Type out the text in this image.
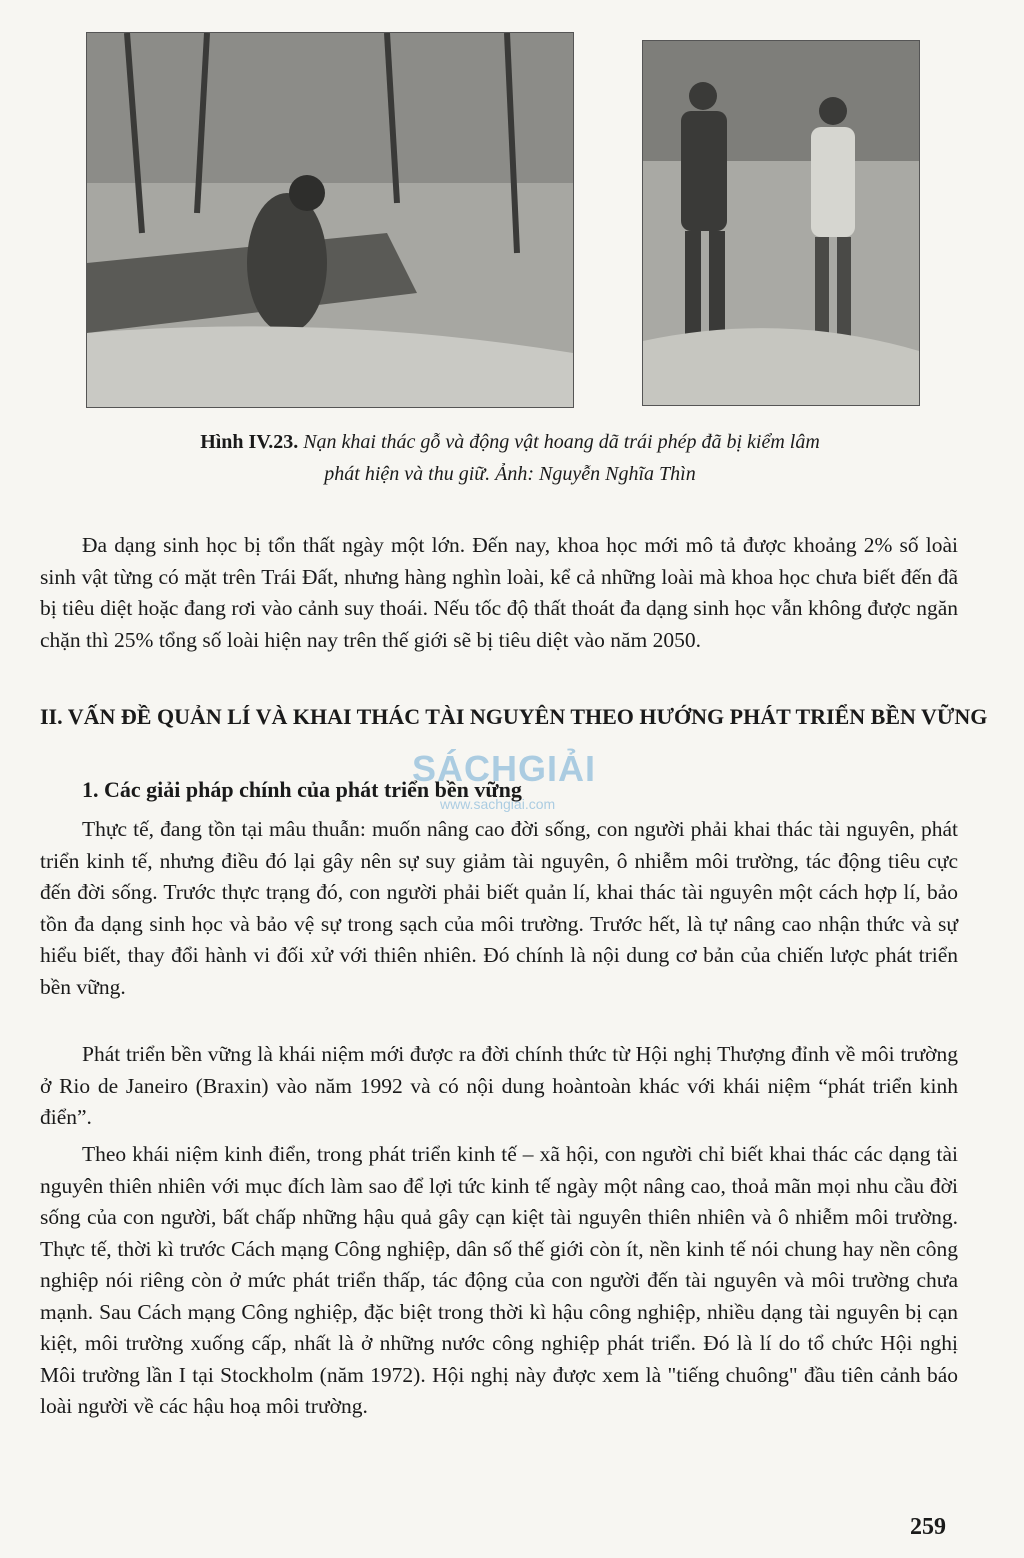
Hình IV.23. Nạn khai thác gỗ và động vật hoang dã trái phép đã bị kiểm lâm
phát hiện và thu giữ. Ảnh: Nguyễn Nghĩa Thìn

Đa dạng sinh học bị tổn thất ngày một lớn. Đến nay, khoa học mới mô tả được khoảng 2% số loài sinh vật từng có mặt trên Trái Đất, nhưng hàng nghìn loài, kể cả những loài mà khoa học chưa biết đến đã bị tiêu diệt hoặc đang rơi vào cảnh suy thoái. Nếu tốc độ thất thoát đa dạng sinh học vẫn không được ngăn chặn thì 25% tổng số loài hiện nay trên thế giới sẽ bị tiêu diệt vào năm 2050.

II. VẤN ĐỀ QUẢN LÍ VÀ KHAI THÁC TÀI NGUYÊN THEO HƯỚNG PHÁT TRIỂN BỀN VỮNG
SÁCHGIẢI
www.sachgiai.com
1. Các giải pháp chính của phát triển bền vững

Thực tế, đang tồn tại mâu thuẫn: muốn nâng cao đời sống, con người phải khai thác tài nguyên, phát triển kinh tế, nhưng điều đó lại gây nên sự suy giảm tài nguyên, ô nhiễm môi trường, tác động tiêu cực đến đời sống. Trước thực trạng đó, con người phải biết quản lí, khai thác tài nguyên một cách hợp lí, bảo tồn đa dạng sinh học và bảo vệ sự trong sạch của môi trường. Trước hết, là tự nâng cao nhận thức và sự hiểu biết, thay đổi hành vi đối xử với thiên nhiên. Đó chính là nội dung cơ bản của chiến lược phát triển bền vững.

Phát triển bền vững là khái niệm mới được ra đời chính thức từ Hội nghị Thượng đỉnh về môi trường ở Rio de Janeiro (Braxin) vào năm 1992 và có nội dung hoàntoàn khác với khái niệm “phát triển kinh điển”.

Theo khái niệm kinh điển, trong phát triển kinh tế – xã hội, con người chỉ biết khai thác các dạng tài nguyên thiên nhiên với mục đích làm sao để lợi tức kinh tế ngày một nâng cao, thoả mãn mọi nhu cầu đời sống của con người, bất chấp những hậu quả gây cạn kiệt tài nguyên thiên nhiên và ô nhiễm môi trường. Thực tế, thời kì trước Cách mạng Công nghiệp, dân số thế giới còn ít, nền kinh tế nói chung hay nền công nghiệp nói riêng còn ở mức phát triển thấp, tác động của con người đến tài nguyên và môi trường chưa mạnh. Sau Cách mạng Công nghiệp, đặc biệt trong thời kì hậu công nghiệp, nhiều dạng tài nguyên bị cạn kiệt, môi trường xuống cấp, nhất là ở những nước công nghiệp phát triển. Đó là lí do tổ chức Hội nghị Môi trường lần I tại Stockholm (năm 1972). Hội nghị này được xem là "tiếng chuông" đầu tiên cảnh báo loài người về các hậu hoạ môi trường.

259
